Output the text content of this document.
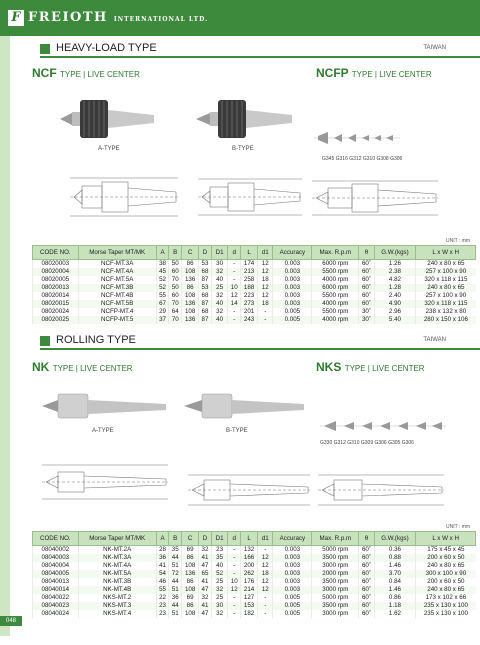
F FREIOTH INTERNATIONAL LTD.
HEAVY-LOAD TYPE	TAIWAN
NCF TYPE | LIVE CENTER	NCFP TYPE | LIVE CENTER
A-TYPE	B-TYPE
G345 G316 G312 G310 G308 G306
UNIT : mm
CODE NO.	Morse Taper MT/MK	A	B	C	D	D1	d	L	d1	Accuracy	Max. R.p.m	θ	G.W.(kgs)	L x W x H
08020003	NCF-MT.3A	38	50	86	53	30	-	174	12	0.003	6000 rpm	60˚	1.26	240 x 80 x 65
08020004	NCF-MT.4A	45	60	108	68	32	-	213	12	0.003	5500 rpm	60˚	2.38	257 x 100 x 90
08020005	NCF-MT.5A	52	70	136	87	40	-	258	18	0.003	4000 rpm	60˚	4.82	320 x 118 x 115
08020013	NCF-MT.3B	52	50	86	53	25	10	188	12	0.003	6000 rpm	60˚	1.28	240 x 80 x 65
08020014	NCF-MT.4B	55	60	108	68	32	12	223	12	0.003	5500 rpm	60˚	2.40	257 x 100 x 90
08020015	NCF-MT.5B	67	70	136	87	40	14	273	18	0.003	4000 rpm	60˚	4.90	320 x 118 x 115
08020024	NCFP-MT.4	29	64	108	68	32	-	201	-	0.005	5500 rpm	30˚	2.96	238 x 132 x 80
08020025	NCFP-MT.5	37	70	136	87	40	-	243	-	0.005	4000 rpm	30˚	5.40	280 x 150 x 106
ROLLING TYPE	TAIWAN
NK TYPE | LIVE CENTER	NKS TYPE | LIVE CENTER
A-TYPE	B-TYPE
G330 G312 G310 G309 G306 G305 G306
UNIT : mm
CODE NO.	Morse Taper MT/MK	A	B	C	D	D1	d	L	d1	Accuracy	Max. R.p.m	θ	G.W.(kgs)	L x W x H
08040002	NK-MT.2A	28	35	69	32	23	-	132	-	0.003	5000 rpm	60˚	0.36	175 x 45 x 45
08040003	NK-MT.3A	36	44	86	41	35	-	166	12	0.003	3500 rpm	60˚	0.88	200 x 60 x 50
08040004	NK-MT.4A	41	51	108	47	40	-	200	12	0.003	3000 rpm	60˚	1.46	240 x 80 x 65
08040005	NK-MT.5A	54	72	136	65	52	-	262	18	0.003	2000 rpm	60˚	3.70	300 x 100 x 90
08040013	NK-MT.3B	46	44	86	41	25	10	176	12	0.003	3500 rpm	60˚	0.84	200 x 60 x 50
08040014	NK-MT.4B	55	51	108	47	32	12	214	12	0.003	3000 rpm	60˚	1.46	240 x 80 x 65
08040022	NKS-MT.2	22	36	69	32	25	-	127	-	0.005	5000 rpm	60˚	0.86	173 x 102 x 66
08040023	NKS-MT.3	23	44	86	41	30	-	153	-	0.005	3500 rpm	60˚	1.18	235 x 130 x 100
08040024	NKS-MT.4	23	51	108	47	32	-	182	-	0.005	3000 rpm	60˚	1.62	235 x 130 x 100
048
